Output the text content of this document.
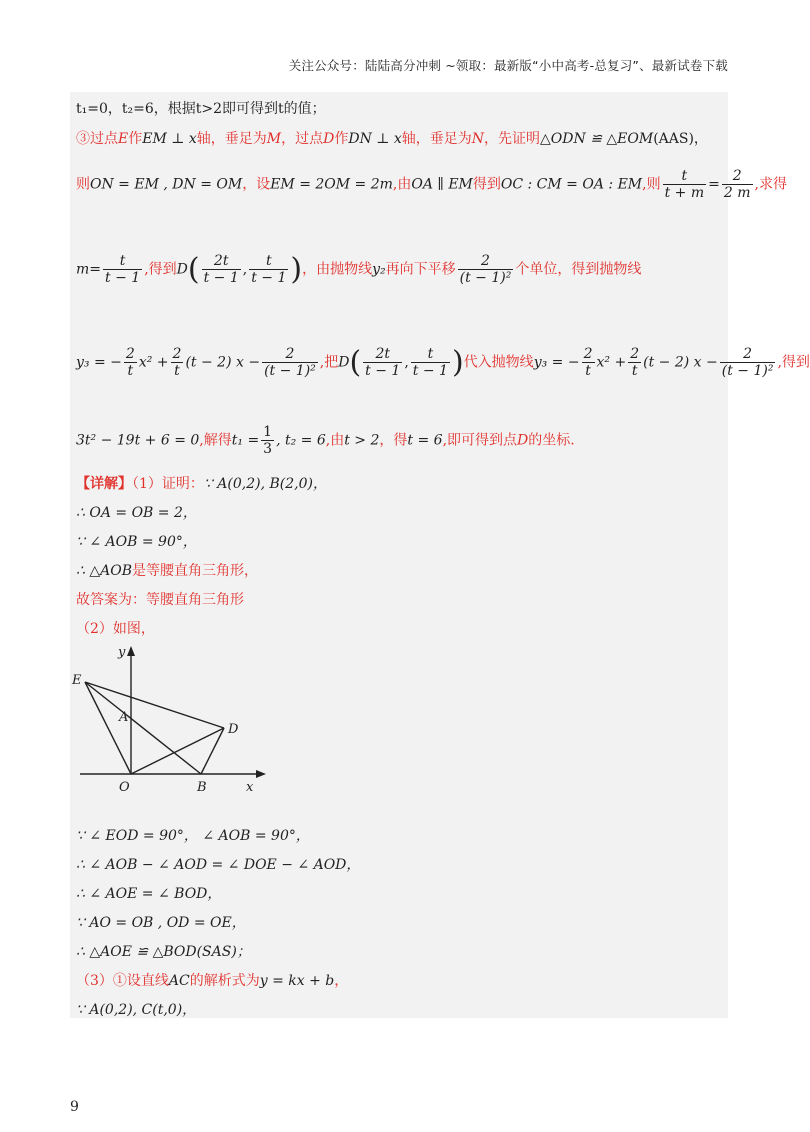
关注公众号：陆陆高分冲刺 ~领取：最新版“小中高考-总复习”、最新试卷下载
t₁=0，t₂=6，根据t>2即可得到t的值；
③过点E作EM ⊥ x轴，垂足为M，过点D作DN ⊥ x轴，垂足为N，先证明△ODN ≌ △EOM(AAS)，
则ON = EM , DN = OM，设EM = 2OM = 2m,由OA ∥ EM得到OC : CM = OA : EM,则 $\frac{t}{t + m} = \frac{2}{2 m}$ ,求得
$m= \frac{t}{t - 1}$ ,得到$D( \frac{2t}{t - 1}$ , $\frac{t}{t - 1}$ )，由抛物线y₂再向下平移 $\frac{2}{\text{(t − 1)²}}$ 个单位，得到抛物线
y₃ = − $\frac{2}{t} x^2 + \frac{2}{t} (t - 2) x - \frac{2}{\text{(t − 1)²}}$ ,把$D( \frac{2t}{t - 1}$ , $\frac{t}{t - 1}$ )代入抛物线y₃ = − $\frac{2}{t} x^2 + \frac{2}{t} (t - 2) x - \frac{2}{\text{(t − 1)²}}$ ,得到
3t² − 19t + 6 = 0,解得$t_1 = \frac{1}{3}$ , t₂ = 6,由t > 2，得t = 6,即可得到点D的坐标.
【详解】（1）证明：∵ A(0,2), B(2,0)，
∴ OA = OB = 2，
∵ ∠ AOB = 90°，
∴ △AOB是等腰直角三角形，
故答案为：等腰直角三角形
（2）如图，
y
x
E
A
D
O	B
∵ ∠ EOD = 90°， ∠ AOB = 90°，
∴ ∠ AOB − ∠ AOD = ∠ DOE − ∠ AOD，
∴ ∠ AOE = ∠ BOD，
∵ AO = OB , OD = OE，
∴ △AOE ≌ △BOD(SAS)；
（3）①设直线AC的解析式为y = kx + b，
∵ A(0,2), C(t,0)，
9
